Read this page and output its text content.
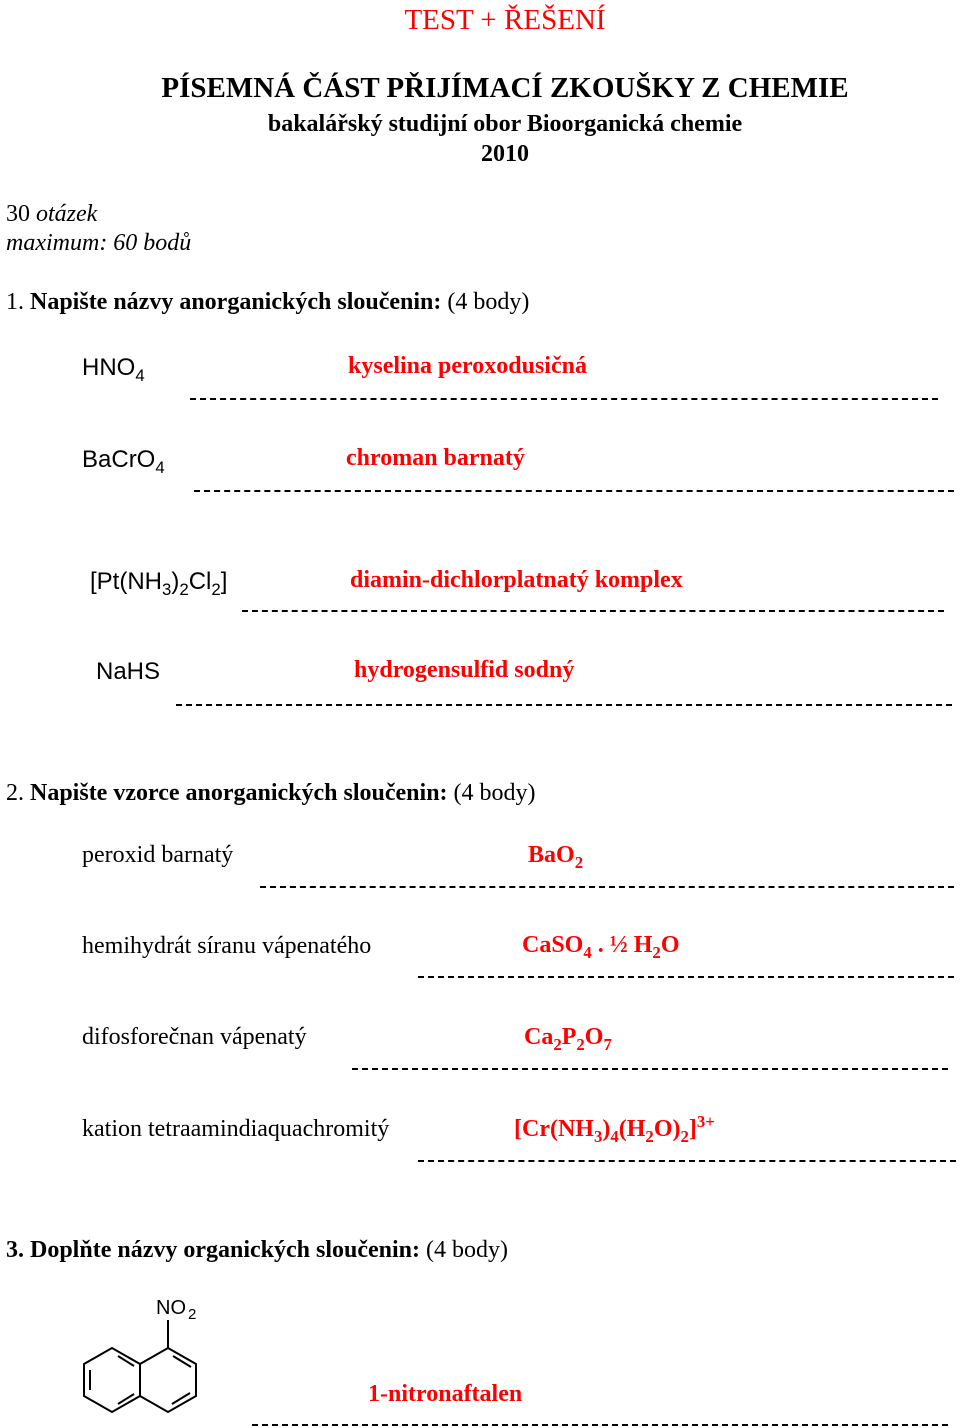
TEST + ŘEŠENÍ
PÍSEMNÁ ČÁST PŘIJÍMACÍ ZKOUŠKY Z CHEMIE
bakalářský studijní obor Bioorganická chemie
2010
30 otázek
maximum: 60 bodů
1. Napište názvy anorganických sloučenin: (4 body)
$HNO_4$	kyselina peroxodusičná
BaCrO$_4$	chroman barnatý
$[Pt(NH_3)_2Cl_2]$	diamin-dichlorplatnatý komplex
NaHS	hydrogensulfid sodný
2. Napište vzorce anorganických sloučenin: (4 body)
peroxid barnatý	BaO$_2$
hemihydrát síranu vápenatého	CaSO$_4$ . ½ $H_2O$
difosforečnan vápenatý	$Ca_2P_2O_7$
kation tetraamindiaquachromitý	$[Cr(NH_3)_4(H_2O)_2]^{3+}$
3. Doplňte názvy organických sloučenin: (4 body)
NO 2
1-nitronaftalen
